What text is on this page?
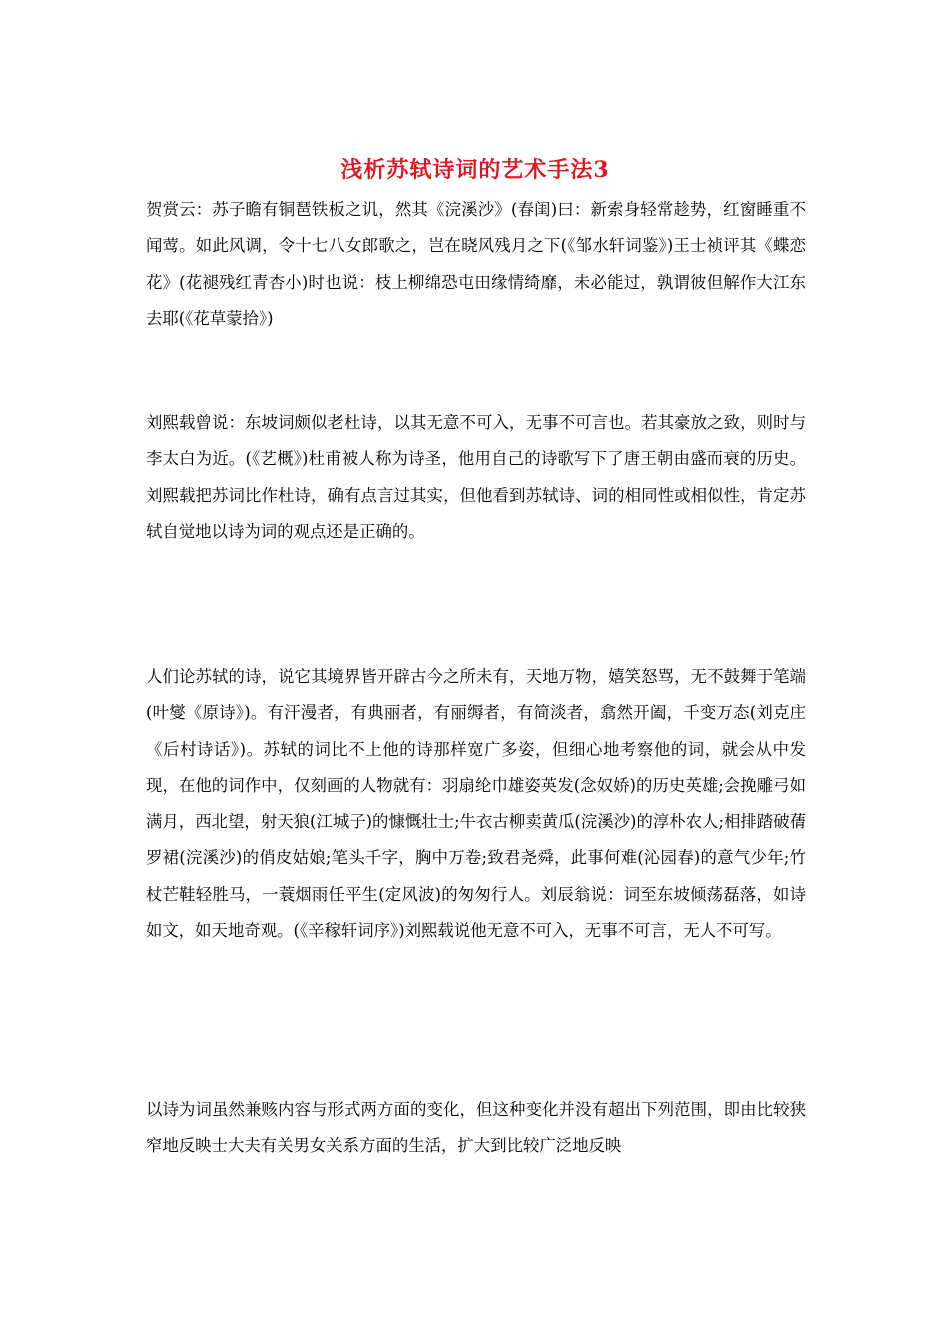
浅析苏轼诗词的艺术手法3

贺赏云：苏子瞻有铜琶铁板之讥，然其《浣溪沙》(春闺)曰：新索身轻常趁势，红窗睡重不闻莺。如此风调，令十七八女郎歌之，岂在晓风残月之下(《邹水轩词鉴》)王士祯评其《蝶恋花》(花褪残红青杏小)时也说：枝上柳绵恐屯田缘情绮靡，未必能过，孰谓彼但解作大江东去耶(《花草蒙拾》)

刘熙载曾说：东坡词颇似老杜诗，以其无意不可入，无事不可言也。若其豪放之致，则时与李太白为近。(《艺概》)杜甫被人称为诗圣，他用自己的诗歌写下了唐王朝由盛而衰的历史。刘熙载把苏词比作杜诗，确有点言过其实，但他看到苏轼诗、词的相同性或相似性，肯定苏轼自觉地以诗为词的观点还是正确的。

人们论苏轼的诗，说它其境界皆开辟古今之所未有，天地万物，嬉笑怒骂，无不鼓舞于笔端(叶燮《原诗》)。有汗漫者，有典丽者，有丽缛者，有简淡者，翕然开阖，千变万态(刘克庄《后村诗话》)。苏轼的词比不上他的诗那样宽广多姿，但细心地考察他的词，就会从中发现，在他的词作中，仅刻画的人物就有：羽扇纶巾雄姿英发(念奴娇)的历史英雄;会挽雕弓如满月，西北望，射天狼(江城子)的慷慨壮士;牛衣古柳卖黄瓜(浣溪沙)的淳朴农人;相排踏破蒨罗裙(浣溪沙)的俏皮姑娘;笔头千字，胸中万卷;致君尧舜，此事何难(沁园春)的意气少年;竹杖芒鞋轻胜马，一蓑烟雨任平生(定风波)的匆匆行人。刘辰翁说：词至东坡倾荡磊落，如诗如文，如天地奇观。(《辛稼轩词序》)刘熙载说他无意不可入，无事不可言，无人不可写。

以诗为词虽然兼赅内容与形式两方面的变化，但这种变化并没有超出下列范围，即由比较狭窄地反映士大夫有关男女关系方面的生活，扩大到比较广泛地反映
